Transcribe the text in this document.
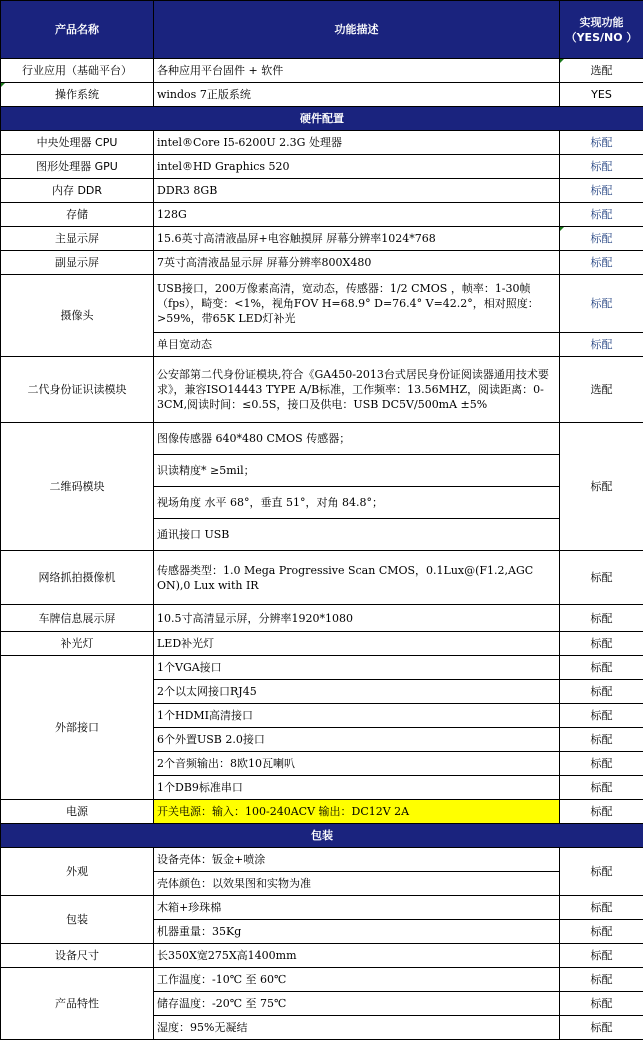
产品名称	功能描述	实现功能
（YES/NO ）
行业应用（基础平台）	各种应用平台固件 + 软件	选配
操作系统	windos 7正版系统	YES
硬件配置		
中央处理器 CPU	intel®Core I5-6200U 2.3G 处理器	标配
图形处理器 GPU	intel®HD Graphics 520	标配
内存 DDR	DDR3 8GB	标配
存储	128G	标配
主显示屏	15.6英寸高清液晶屏+电容触摸屏 屏幕分辨率1024*768	标配
副显示屏	7英寸高清液晶显示屏 屏幕分辨率800X480	标配
摄像头	USB接口，200万像素高清，宽动态，传感器：1/2 CMOS ，帧率：1-30帧（fps），畸变：<1%，视角FOV H=68.9° D=76.4° V=42.2°，相对照度：>59%，带65K LED灯补光	标配
	单目宽动态	标配
二代身份证识读模块	公安部第二代身份证模块,符合《GA450-2013台式居民身份证阅读器通用技术要求》，兼容ISO14443 TYPE A/B标准，工作频率：13.56MHZ，阅读距离：0-3CM,阅读时间：≤0.5S，接口及供电：USB DC5V/500mA ±5%	选配
二维码模块	图像传感器 640*480 CMOS 传感器；	标配
	识读精度* ≥5mil；	
	视场角度 水平 68°，垂直 51°，对角 84.8°；	
	通讯接口 USB	
网络抓拍摄像机	传感器类型：1.0 Mega Progressive Scan CMOS，0.1Lux@(F1.2,AGC ON),0 Lux with IR	标配
车牌信息展示屏	10.5寸高清显示屏，分辨率1920*1080	标配
补光灯	LED补光灯	标配
外部接口	1个VGA接口	标配
	2个以太网接口RJ45	标配
	1个HDMI高清接口	标配
	6个外置USB 2.0接口	标配
	2个音频输出：8欧10瓦喇叭	标配
	1个DB9标准串口	标配
电源	开关电源：输入：100-240ACV 输出：DC12V 2A	标配
包装		
外观	设备壳体：钣金+喷涂	标配
	壳体颜色：以效果图和实物为准	
包装	木箱+珍珠棉	标配
	机器重量：35Kg	标配
设备尺寸	长350X宽275X高1400mm	标配
产品特性	工作温度：-10℃ 至 60℃	标配
	储存温度：-20℃ 至 75℃	标配
	湿度：95%无凝结	标配
